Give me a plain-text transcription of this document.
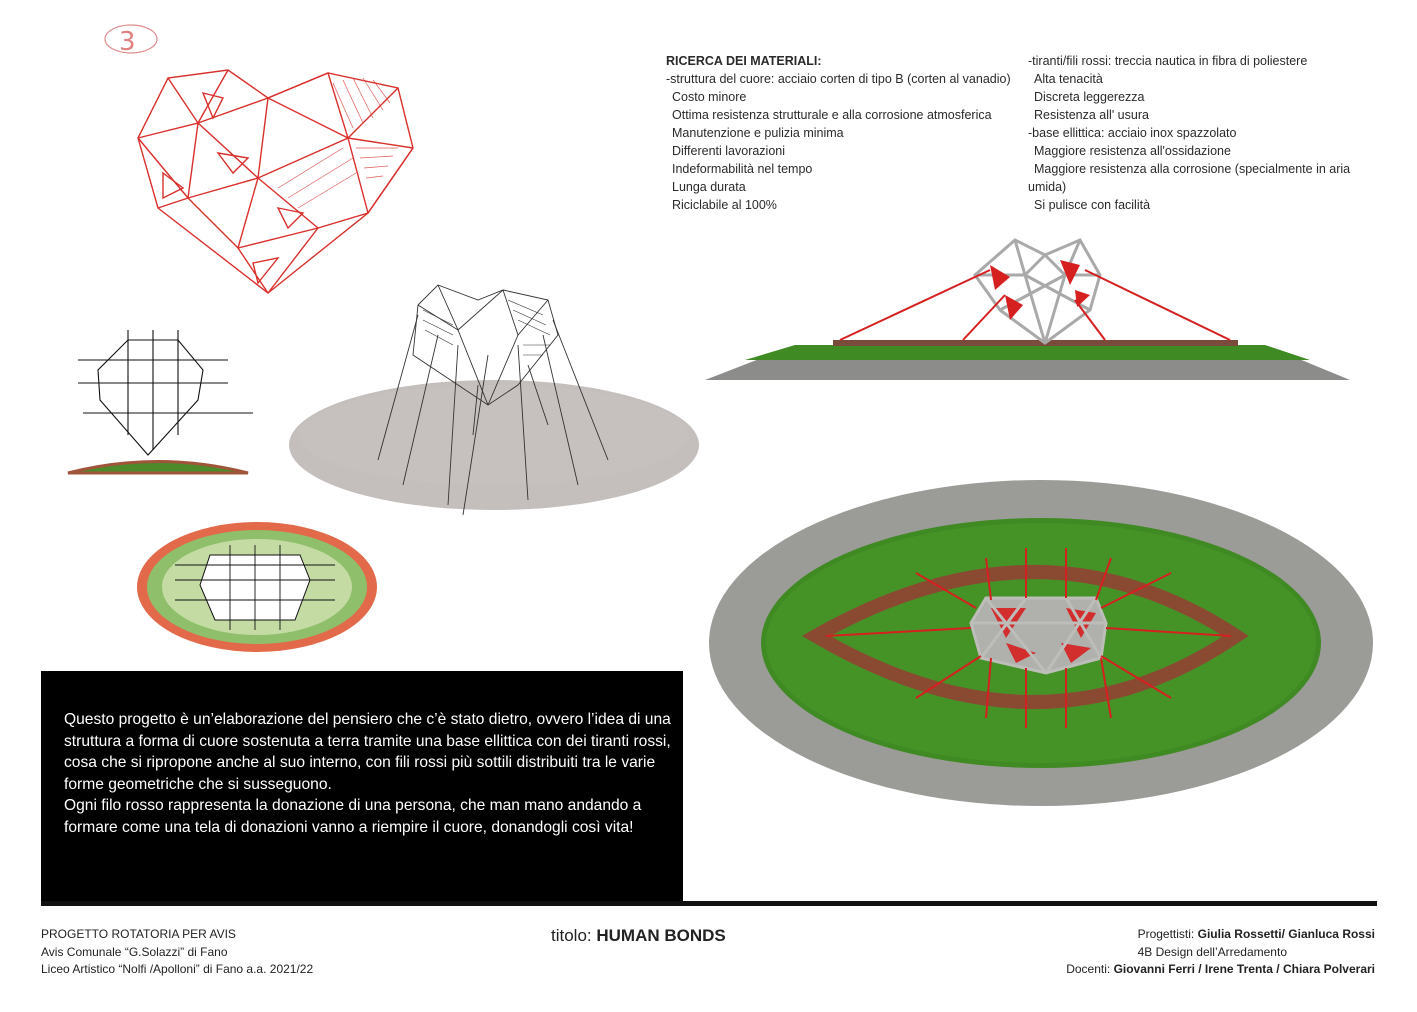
3

RICERCA DEI MATERIALI:

-struttura del cuore: acciaio corten di tipo B (corten al vanadio)

Costo minore

Ottima resistenza strutturale e alla corrosione atmosferica

Manutenzione e pulizia minima

Differenti lavorazioni

Indeformabilità nel tempo

Lunga durata

Riciclabile al 100%

-tiranti/fili rossi: treccia nautica in fibra di poliestere

Alta tenacità

Discreta leggerezza

Resistenza all' usura

-base ellittica: acciaio inox spazzolato

Maggiore resistenza all'ossidazione

Maggiore resistenza alla corrosione (specialmente in aria

umida)

Si pulisce con facilità

Questo progetto è un’elaborazione del pensiero che c’è stato dietro, ovvero l’idea di una struttura a forma di cuore sostenuta a terra tramite una base ellittica con dei tiranti rossi, cosa che si ripropone anche al suo interno, con fili rossi più sottili distribuiti tra le varie forme geometriche che si susseguono.

Ogni filo rosso rappresenta la donazione di una persona, che man mano andando a formare come una tela di donazioni vanno a riempire il cuore, donandogli così vita!

PROGETTO ROTATORIA PER AVIS

Avis Comunale “G.Solazzi” di Fano

Liceo Artistico “Nolfi /Apolloni” di Fano a.a. 2021/22

titolo: HUMAN BONDS	Progettisti: Giulia Rossetti/ Gianluca Rossi

4B Design dell’Arredamento

Docenti: Giovanni Ferri / Irene Trenta / Chiara Polverari
